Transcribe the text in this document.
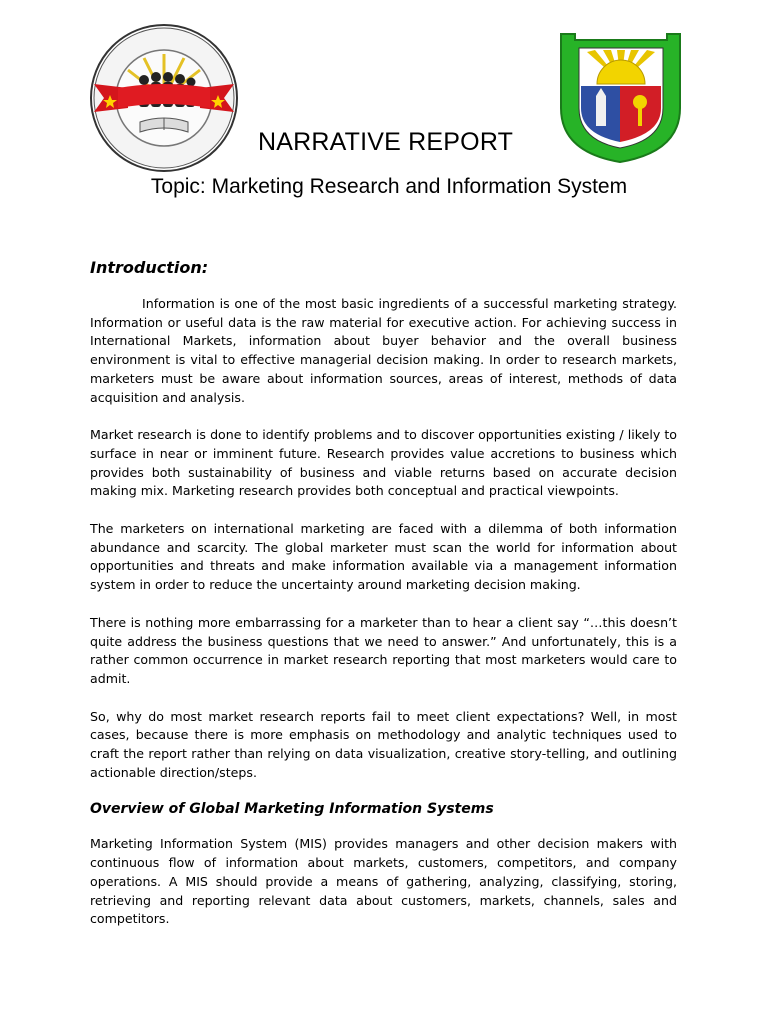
NARRATIVE REPORT
Topic: Marketing Research and Information System
Introduction:

Information is one of the most basic ingredients of a successful marketing strategy. Information or useful data is the raw material for executive action. For achieving success in International Markets, information about buyer behavior and the overall business environment is vital to effective managerial decision making. In order to research markets, marketers must be aware about information sources, areas of interest, methods of data acquisition and analysis.

Market research is done to identify problems and to discover opportunities existing / likely to surface in near or imminent future. Research provides value accretions to business which provides both sustainability of business and viable returns based on accurate decision making mix. Marketing research provides both conceptual and practical viewpoints.

The marketers on international marketing are faced with a dilemma of both information abundance and scarcity. The global marketer must scan the world for information about opportunities and threats and make information available via a management information system in order to reduce the uncertainty around marketing decision making.

There is nothing more embarrassing for a marketer than to hear a client say “…this doesn’t quite address the business questions that we need to answer.” And unfortunately, this is a rather common occurrence in market research reporting that most marketers would care to admit.

So, why do most market research reports fail to meet client expectations? Well, in most cases, because there is more emphasis on methodology and analytic techniques used to craft the report rather than relying on data visualization, creative story-telling, and outlining actionable direction/steps.

Overview of Global Marketing Information Systems

Marketing Information System (MIS) provides managers and other decision makers with continuous flow of information about markets, customers, competitors, and company operations. A MIS should provide a means of gathering, analyzing, classifying, storing, retrieving and reporting relevant data about customers, markets, channels, sales and competitors.
